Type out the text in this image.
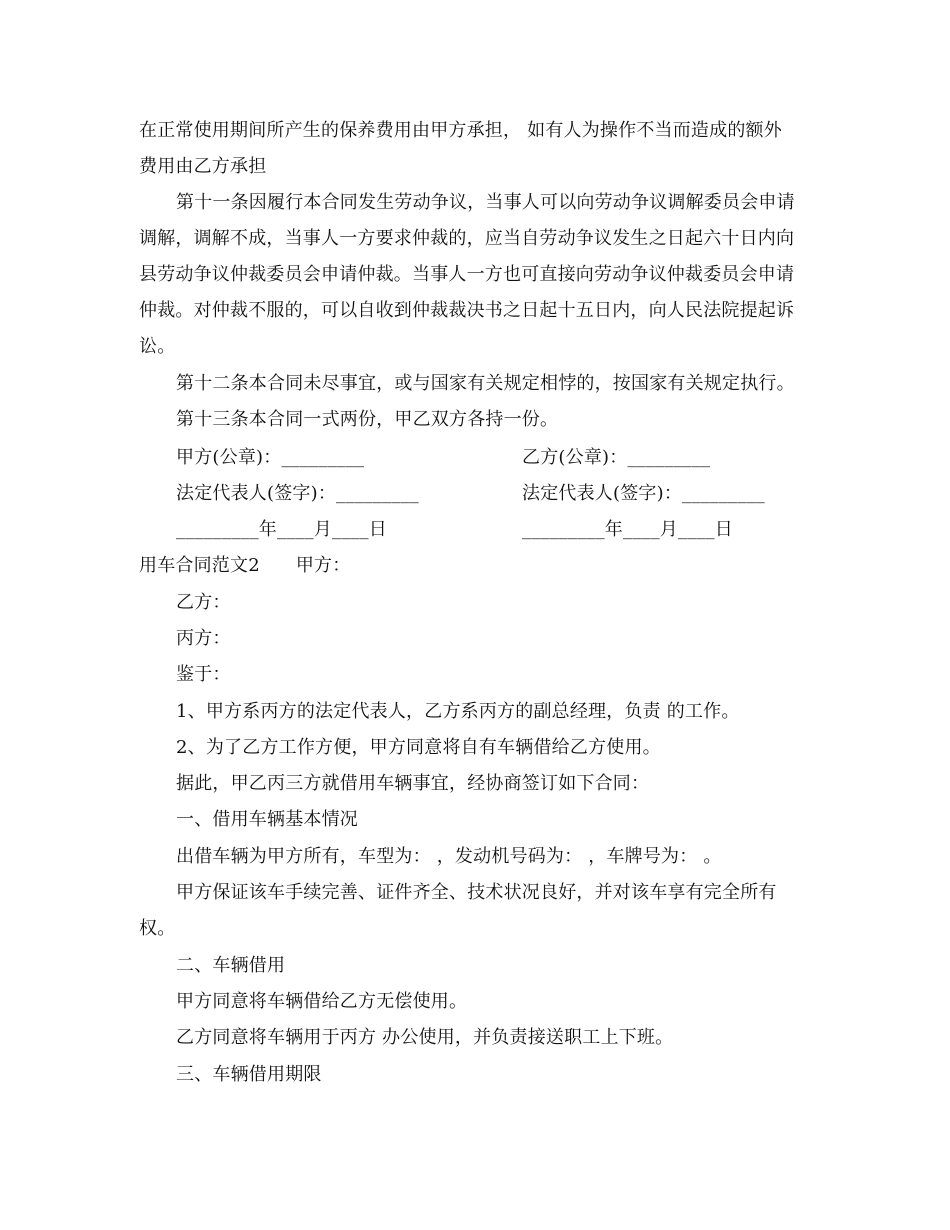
在正常使用期间所产生的保养费用由甲方承担， 如有人为操作不当而造成的额外
费用由乙方承担
第十一条因履行本合同发生劳动争议，当事人可以向劳动争议调解委员会申请
调解，调解不成，当事人一方要求仲裁的，应当自劳动争议发生之日起六十日内向
县劳动争议仲裁委员会申请仲裁。当事人一方也可直接向劳动争议仲裁委员会申请
仲裁。对仲裁不服的，可以自收到仲裁裁决书之日起十五日内，向人民法院提起诉
讼。
第十二条本合同未尽事宜，或与国家有关规定相悖的，按国家有关规定执行。
第十三条本合同一式两份，甲乙双方各持一份。
甲方(公章)：_________	乙方(公章)：_________
法定代表人(签字)：_________	法定代表人(签字)：_________
_________年____月____日	_________年____月____日
用车合同范文2 甲方：
乙方：
丙方：
鉴于：
1、甲方系丙方的法定代表人，乙方系丙方的副总经理，负责 的工作。
2、为了乙方工作方便，甲方同意将自有车辆借给乙方使用。
据此，甲乙丙三方就借用车辆事宜，经协商签订如下合同：
一、借用车辆基本情况
出借车辆为甲方所有，车型为： ，发动机号码为： ，车牌号为： 。
甲方保证该车手续完善、证件齐全、技术状况良好，并对该车享有完全所有
权。
二、车辆借用
甲方同意将车辆借给乙方无偿使用。
乙方同意将车辆用于丙方 办公使用，并负责接送职工上下班。
三、车辆借用期限
